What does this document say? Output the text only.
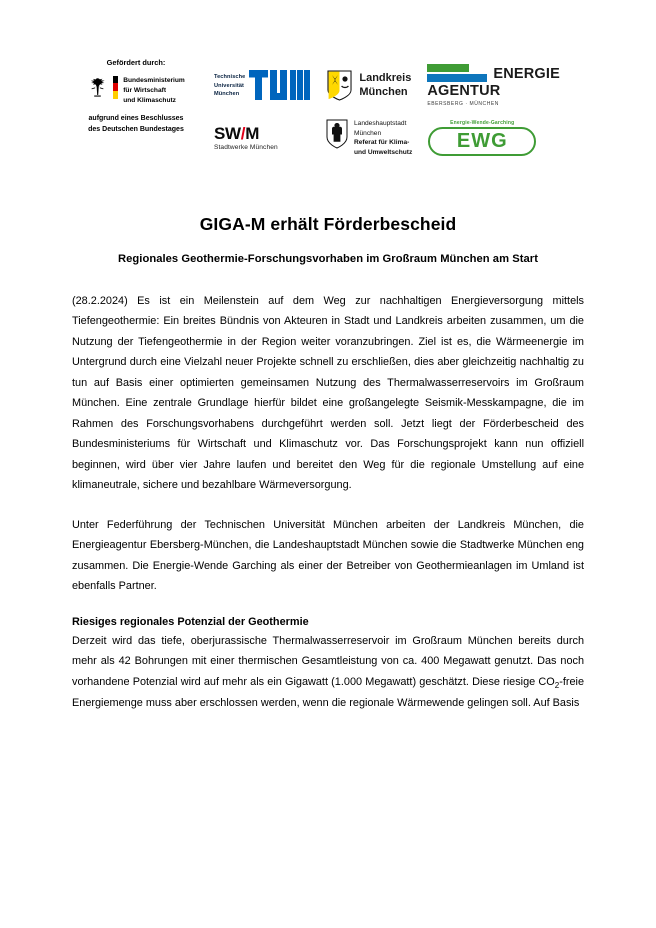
Gefördert durch:
Bundesministerium
für Wirtschaft
und Klimaschutz
aufgrund eines Beschlusses
des Deutschen Bundestages
Technische
Universität
München
Landkreis
München
ENERGIE
AGENTUR
EBERSBERG · MÜNCHEN
SW/M
Stadtwerke München
Landeshauptstadt
München
Referat für Klima-
und Umweltschutz
Energie-Wende-Garching
EWG
GIGA-M erhält Förderbescheid
Regionales Geothermie-Forschungsvorhaben im Großraum München am Start

(28.2.2024) Es ist ein Meilenstein auf dem Weg zur nachhaltigen Energieversorgung mittels Tiefengeothermie: Ein breites Bündnis von Akteuren in Stadt und Landkreis arbeiten zusammen, um die Nutzung der Tiefengeothermie in der Region weiter voranzubringen. Ziel ist es, die Wärmeenergie im Untergrund durch eine Vielzahl neuer Projekte schnell zu erschließen, dies aber gleichzeitig nachhaltig zu tun auf Basis einer optimierten gemeinsamen Nutzung des Thermalwasserreservoirs im Großraum München. Eine zentrale Grundlage hierfür bildet eine großangelegte Seismik-Messkampagne, die im Rahmen des Forschungsvorhabens durchgeführt werden soll. Jetzt liegt der Förderbescheid des Bundesministeriums für Wirtschaft und Klimaschutz vor. Das Forschungsprojekt kann nun offiziell beginnen, wird über vier Jahre laufen und bereitet den Weg für die regionale Umstellung auf eine klimaneutrale, sichere und bezahlbare Wärmeversorgung.

Unter Federführung der Technischen Universität München arbeiten der Landkreis München, die Energieagentur Ebersberg-München, die Landeshauptstadt München sowie die Stadtwerke München eng zusammen. Die Energie-Wende Garching als einer der Betreiber von Geothermieanlagen im Umland ist ebenfalls Partner.

Riesiges regionales Potenzial der Geothermie

Derzeit wird das tiefe, oberjurassische Thermalwasserreservoir im Großraum München bereits durch mehr als 42 Bohrungen mit einer thermischen Gesamtleistung von ca. 400 Megawatt genutzt. Das noch vorhandene Potenzial wird auf mehr als ein Gigawatt (1.000 Megawatt) geschätzt. Diese riesige $CO_2$-freie Energiemenge muss aber erschlossen werden, wenn die regionale Wärmewende gelingen soll. Auf Basis
